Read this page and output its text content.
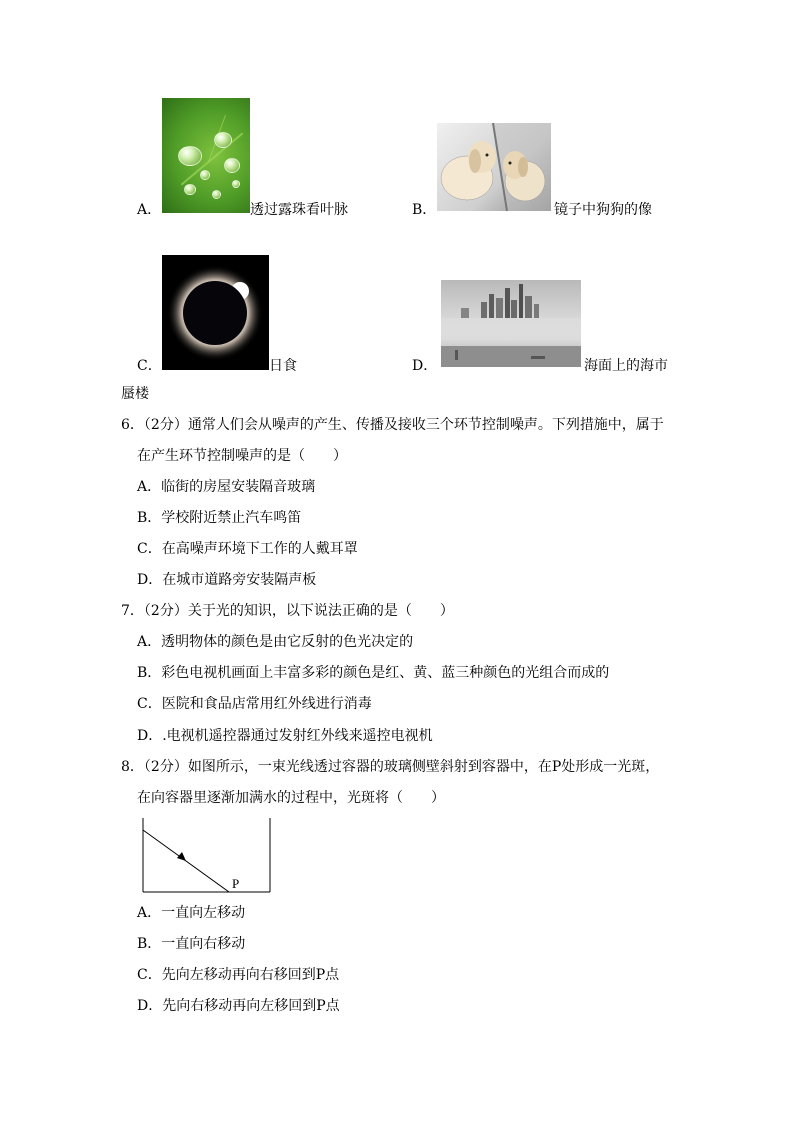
A．	透过露珠看叶脉	B．	镜子中狗狗的像
C．	日食	D．	海面上的海市
蜃楼
6．（2分）通常人们会从噪声的产生、传播及接收三个环节控制噪声。下列措施中，属于
在产生环节控制噪声的是（　　）
A．临街的房屋安装隔音玻璃
B．学校附近禁止汽车鸣笛
C．在高噪声环境下工作的人戴耳罩
D．在城市道路旁安装隔声板
7．（2分）关于光的知识，以下说法正确的是（　　）
A．透明物体的颜色是由它反射的色光决定的
B．彩色电视机画面上丰富多彩的颜色是红、黄、蓝三种颜色的光组合而成的
C．医院和食品店常用红外线进行消毒
D．.电视机遥控器通过发射红外线来遥控电视机
8．（2分）如图所示，一束光线透过容器的玻璃侧壁斜射到容器中，在P处形成一光斑，
在向容器里逐渐加满水的过程中，光斑将（　　）
P
A．一直向左移动
B．一直向右移动
C．先向左移动再向右移回到P点
D．先向右移动再向左移回到P点
